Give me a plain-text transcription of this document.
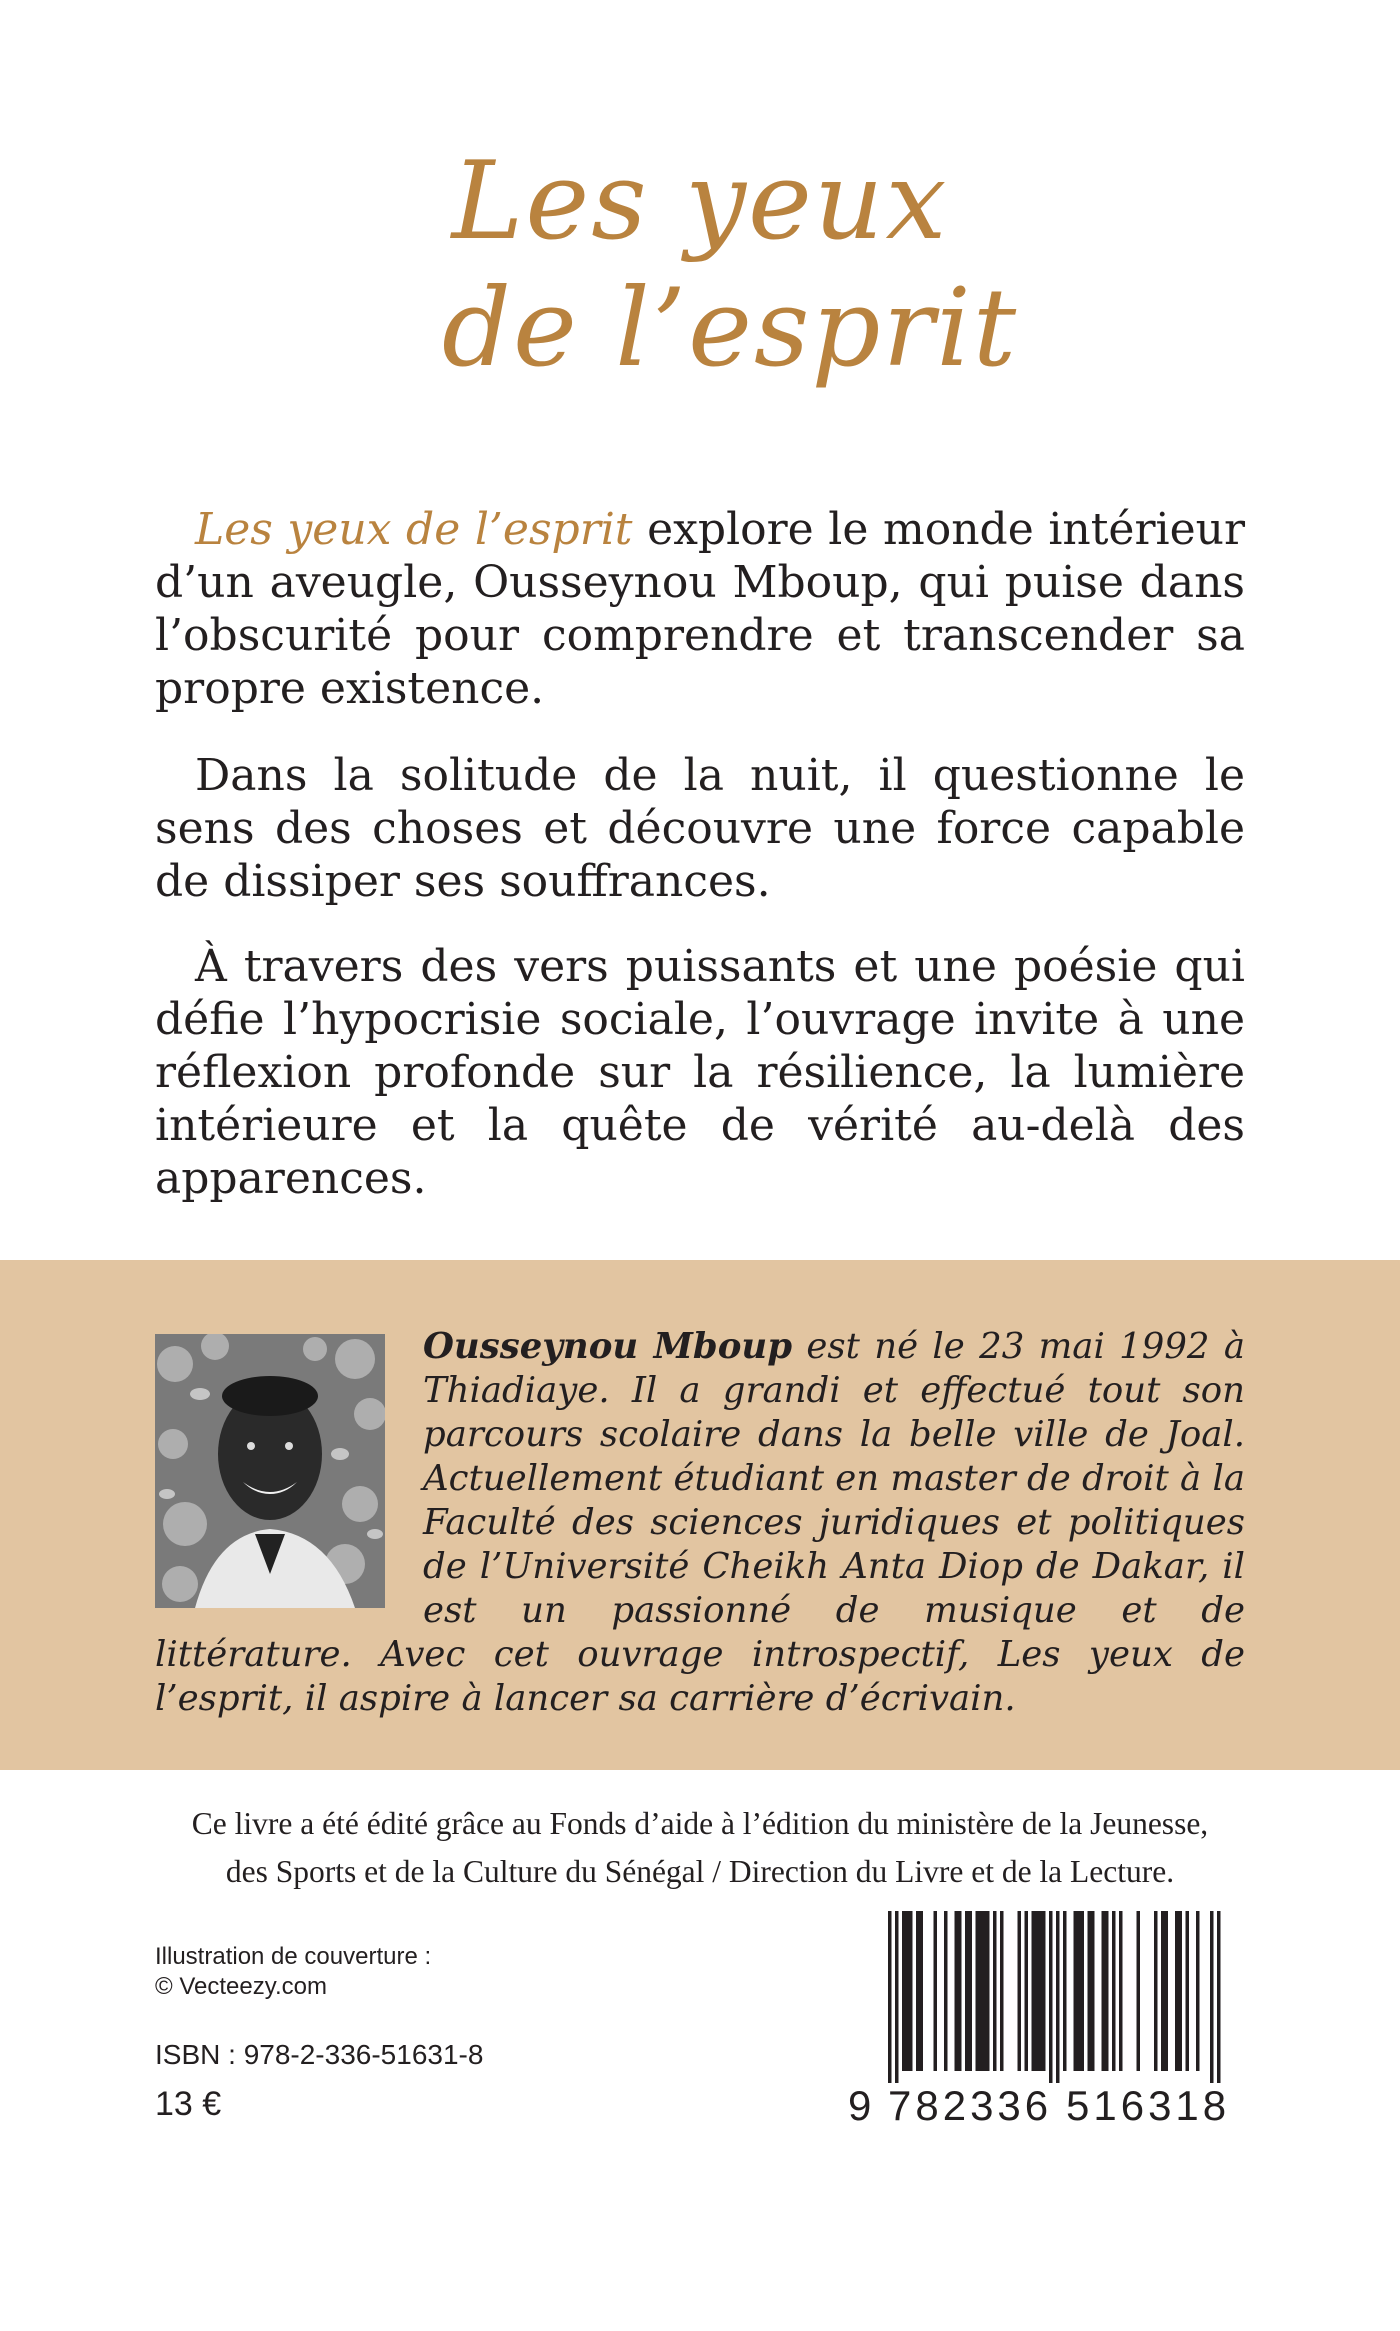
Les yeux
de l’esprit

Les yeux de l’esprit explore le monde intérieur d’un aveugle, Ousseynou Mboup, qui puise dans l’obscurité pour comprendre et transcender sa propre existence.

Dans la solitude de la nuit, il questionne le sens des choses et découvre une force capable de dissiper ses souffrances.

À travers des vers puissants et une poésie qui défie l’hypocrisie sociale, l’ouvrage invite à une réflexion profonde sur la résilience, la lumière intérieure et la quête de vérité au-delà des apparences.

Ousseynou Mboup est né le 23 mai 1992 à Thiadiaye. Il a grandi et effectué tout son parcours scolaire dans la belle ville de Joal. Actuellement étudiant en master de droit à la Faculté des sciences juridiques et politiques de l’Université Cheikh Anta Diop de Dakar, il est un passionné de musique et de littérature. Avec cet ouvrage introspectif, Les yeux de l’esprit, il aspire à lancer sa carrière d’écrivain.

Ce livre a été édité grâce au Fonds d’aide à l’édition du ministère de la Jeunesse,
des Sports et de la Culture du Sénégal / Direction du Livre et de la Lecture.
Illustration de couverture :
© Vecteezy.com
ISBN : 978-2-336-51631-8
13 €

	9

782336

516318
